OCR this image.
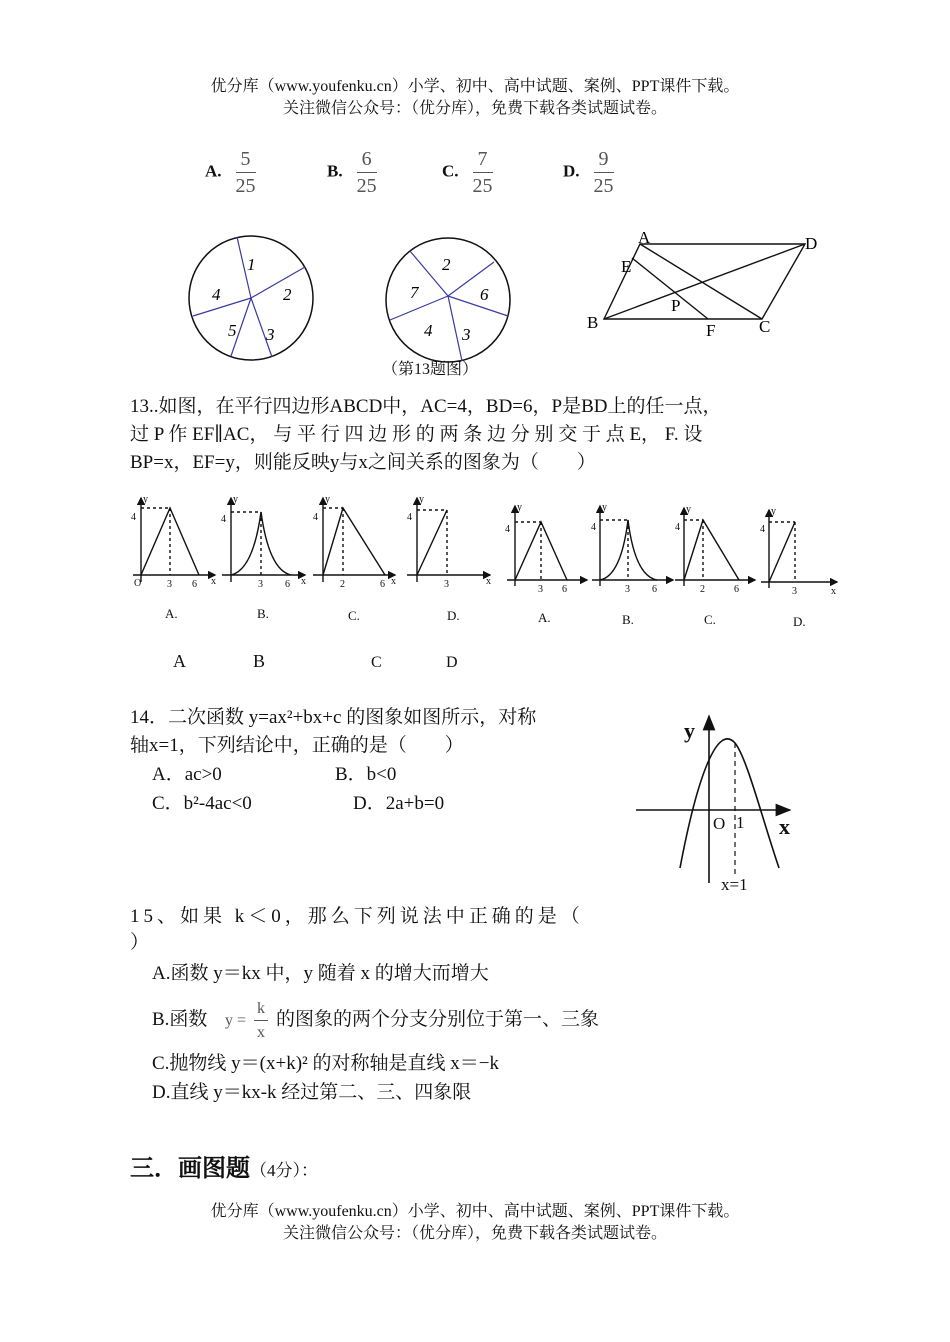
优分库（www.youfenku.cn）小学、初中、高中试题、案例、PPT课件下载。
关注微信公众号：（优分库），免费下载各类试题试卷。
A. $\frac{5}{25}$	B. $\frac{6}{25}$	C. $\frac{7}{25}$	D. $\frac{9}{25}$
1
2
3
5
4
2
6
3
4
7
（第13题图）
A	D
E
P
B	F	C
13..如图，在平行四边形ABCD中，AC=4，BD=6，P是BD上的任一点，
过 P 作 EF∥AC， 与 平 行 四 边 形 的 两 条 边 分 别 交 于 点 E， F. 设
BP=x，EF=y，则能反映y与x之间关系的图象为（　　）
y
4
O	3 6 x
y
4
3 6 x
y
4
2	6 x
y
4
3	x
y
4
3 6
y
4
3 6
y
4
2	6
y
4
3	x
A.	B.	C.	D.	A.	B.	C.	D.
A	B	C	D
14．二次函数 y=ax²+bx+c 的图象如图所示，对称
轴x=1，下列结论中，正确的是（　　）
A．ac>0	B．b<0
C．b²-4ac<0	D．2a+b=0
y
x
O 1
x=1
15、如果 k＜0，那么下列说法中正确的是（
）
A.函数 y＝kx 中，y 随着 x 的增大而增大
B.函数 $y = \frac{k}{x}$ 的图象的两个分支分别位于第一、三象
C.抛物线 y＝(x+k)² 的对称轴是直线 x＝−k
D.直线 y＝kx-k 经过第二、三、四象限
三．画图题（4分）：
优分库（www.youfenku.cn）小学、初中、高中试题、案例、PPT课件下载。
关注微信公众号：（优分库），免费下载各类试题试卷。
